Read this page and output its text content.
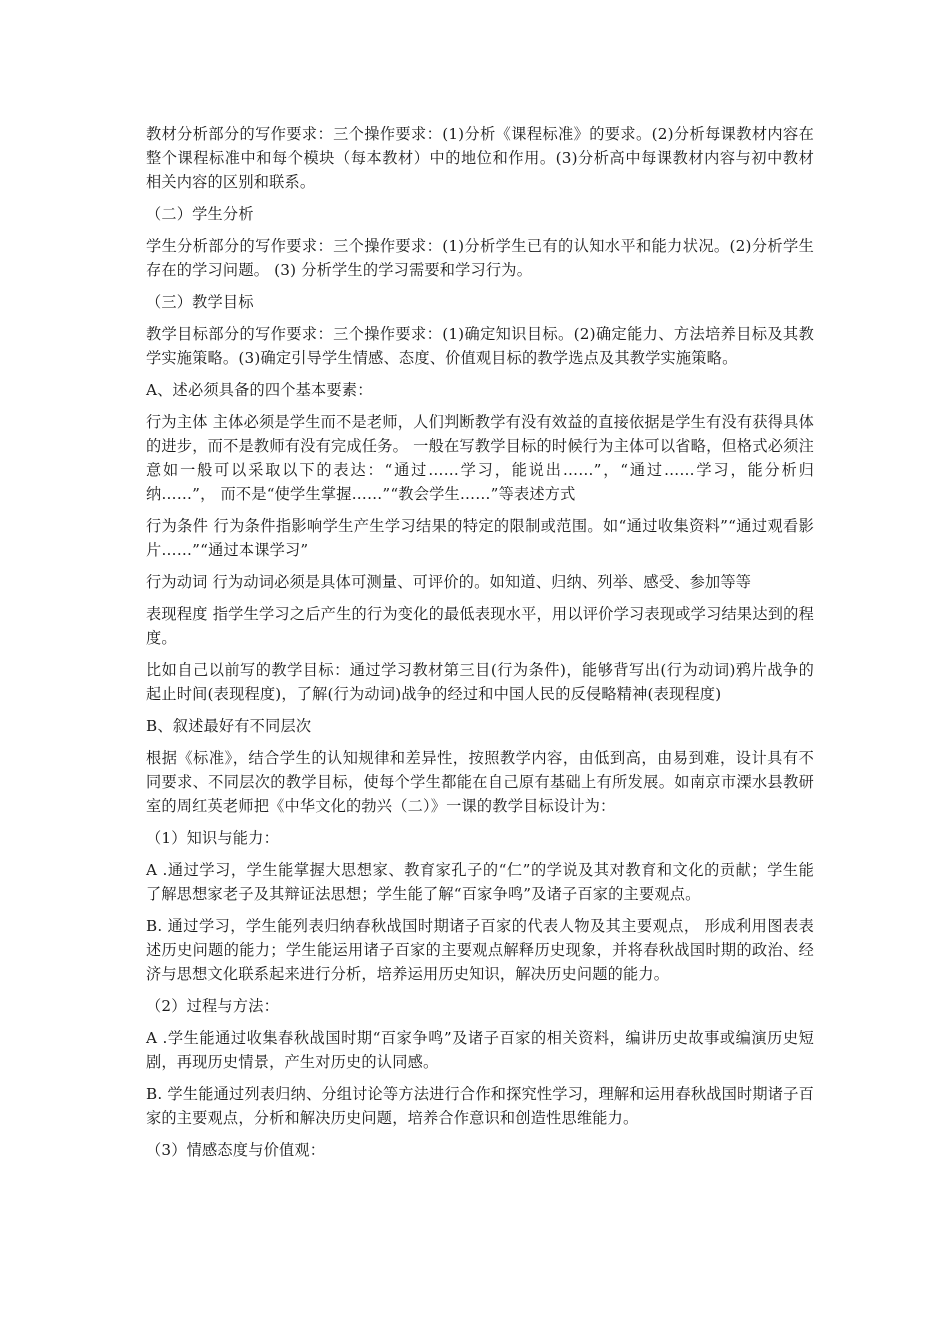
教材分析部分的写作要求：三个操作要求：(1)分析《课程标准》的要求。(2)分析每课教材内容在整个课程标准中和每个模块（每本教材）中的地位和作用。(3)分析高中每课教材内容与初中教材相关内容的区别和联系。

（二）学生分析

学生分析部分的写作要求：三个操作要求：(1)分析学生已有的认知水平和能力状况。(2)分析学生存在的学习问题。 (3) 分析学生的学习需要和学习行为。

（三）教学目标

教学目标部分的写作要求：三个操作要求：(1)确定知识目标。(2)确定能力、方法培养目标及其教学实施策略。(3)确定引导学生情感、态度、价值观目标的教学选点及其教学实施策略。

A、述必须具备的四个基本要素：

行为主体 主体必须是学生而不是老师，人们判断教学有没有效益的直接依据是学生有没有获得具体的进步，而不是教师有没有完成任务。 一般在写教学目标的时候行为主体可以省略，但格式必须注意如一般可以采取以下的表达：“通过……学习，能说出……”，“通过……学习，能分析归纳……”， 而不是“使学生掌握……”“教会学生……”等表述方式

行为条件 行为条件指影响学生产生学习结果的特定的限制或范围。如“通过收集资料”“通过观看影片……”“通过本课学习”

行为动词 行为动词必须是具体可测量、可评价的。如知道、归纳、列举、感受、参加等等

表现程度 指学生学习之后产生的行为变化的最低表现水平，用以评价学习表现或学习结果达到的程度。

比如自己以前写的教学目标：通过学习教材第三目(行为条件)，能够背写出(行为动词)鸦片战争的起止时间(表现程度)，了解(行为动词)战争的经过和中国人民的反侵略精神(表现程度)

B、叙述最好有不同层次

根据《标准》，结合学生的认知规律和差异性，按照教学内容，由低到高，由易到难，设计具有不同要求、不同层次的教学目标，使每个学生都能在自己原有基础上有所发展。如南京市溧水县教研室的周红英老师把《中华文化的勃兴（二）》一课的教学目标设计为：

（1）知识与能力：

A .通过学习，学生能掌握大思想家、教育家孔子的“仁”的学说及其对教育和文化的贡献；学生能了解思想家老子及其辩证法思想；学生能了解“百家争鸣”及诸子百家的主要观点。

B. 通过学习，学生能列表归纳春秋战国时期诸子百家的代表人物及其主要观点， 形成利用图表表述历史问题的能力；学生能运用诸子百家的主要观点解释历史现象，并将春秋战国时期的政治、经济与思想文化联系起来进行分析，培养运用历史知识，解决历史问题的能力。

（2）过程与方法：

A .学生能通过收集春秋战国时期“百家争鸣”及诸子百家的相关资料，编讲历史故事或编演历史短剧，再现历史情景，产生对历史的认同感。

B. 学生能通过列表归纳、分组讨论等方法进行合作和探究性学习，理解和运用春秋战国时期诸子百家的主要观点，分析和解决历史问题，培养合作意识和创造性思维能力。

（3）情感态度与价值观：
